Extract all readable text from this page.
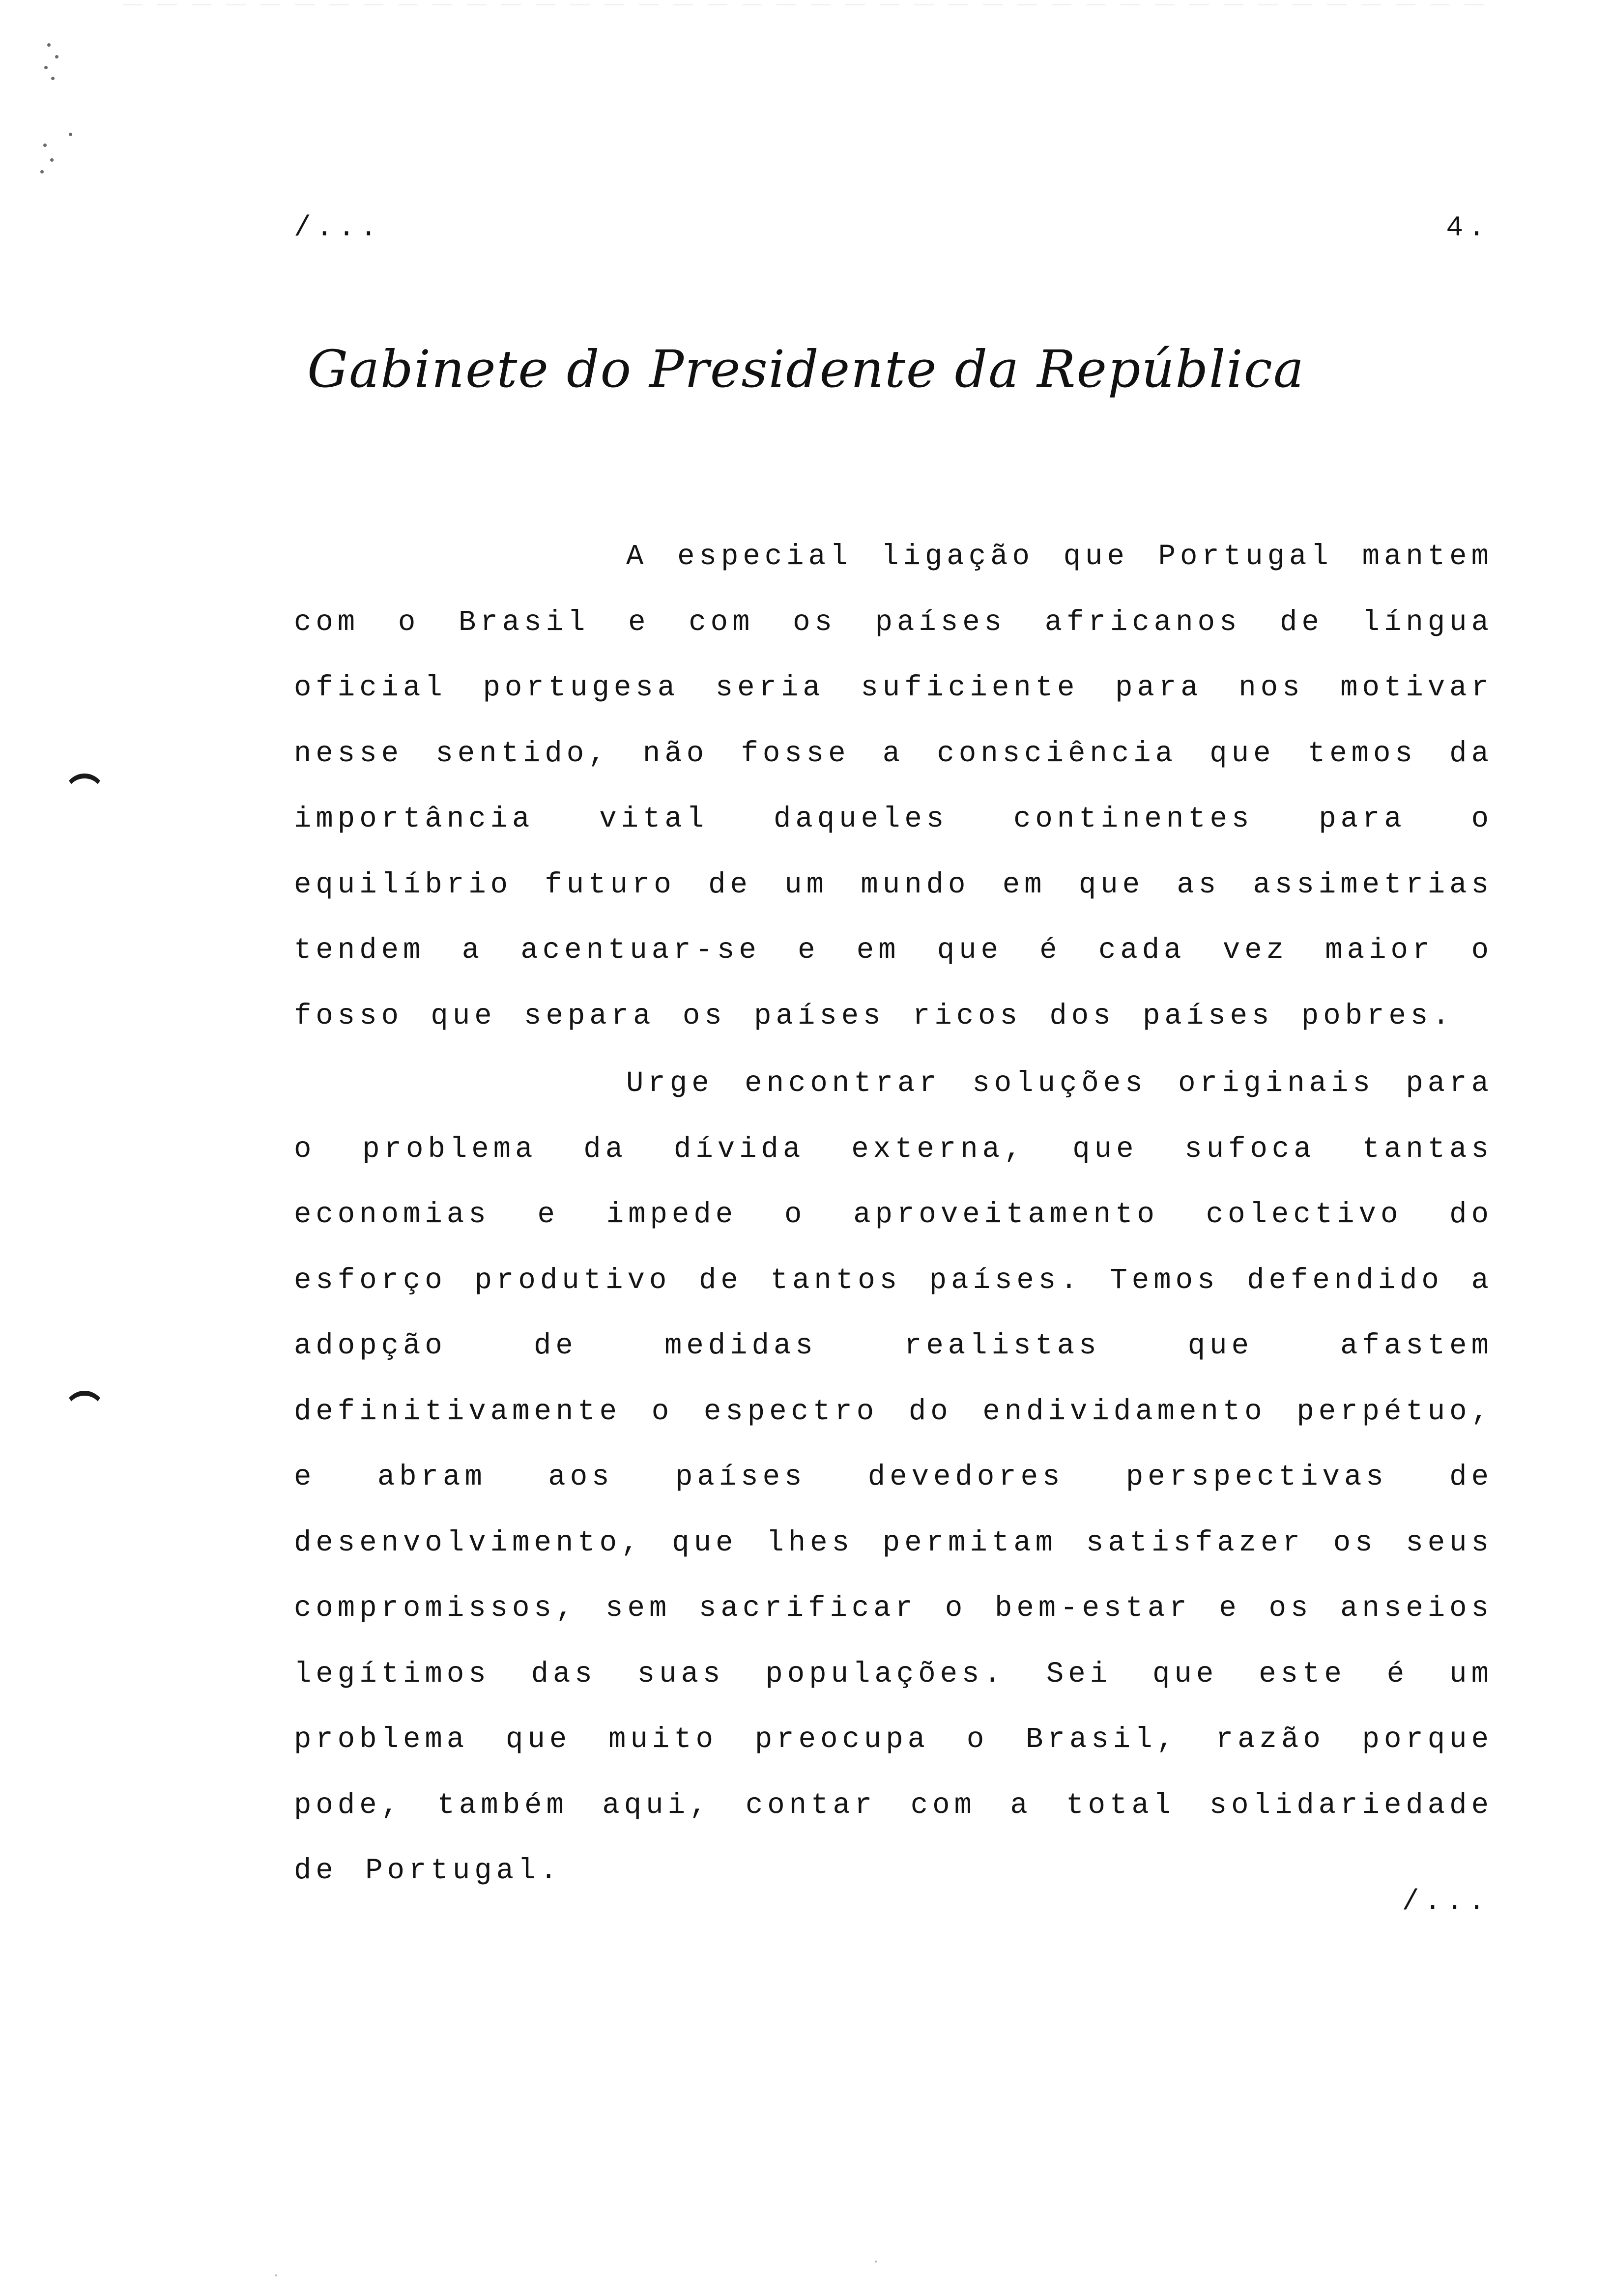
/...	4.
Gabinete do Presidente da República

A especial ligação que Portugal mantem com o Brasil e com os países africanos de língua oficial portugesa seria suficiente para nos motivar nesse sentido, não fosse a consciência que temos da importância vital daqueles continentes para o equilíbrio futuro de um mundo em que as assimetrias tendem a acentuar-se e em que é cada vez maior o fosso que separa os países ricos dos países pobres.

Urge encontrar soluções originais para o problema da dívida externa, que sufoca tantas economias e impede o aproveitamento colectivo do esforço produtivo de tantos países. Temos defendido a adopção de medidas realistas que afastem definitivamente o espectro do endividamento perpétuo, e abram aos países devedores perspectivas de desenvolvimento, que lhes permitam satisfazer os seus compromissos, sem sacrificar o bem-estar e os anseios legítimos das suas populações. Sei que este é um problema que muito preocupa o Brasil, razão porque pode, também aqui, contar com a total solidariedade de Portugal.

/...
